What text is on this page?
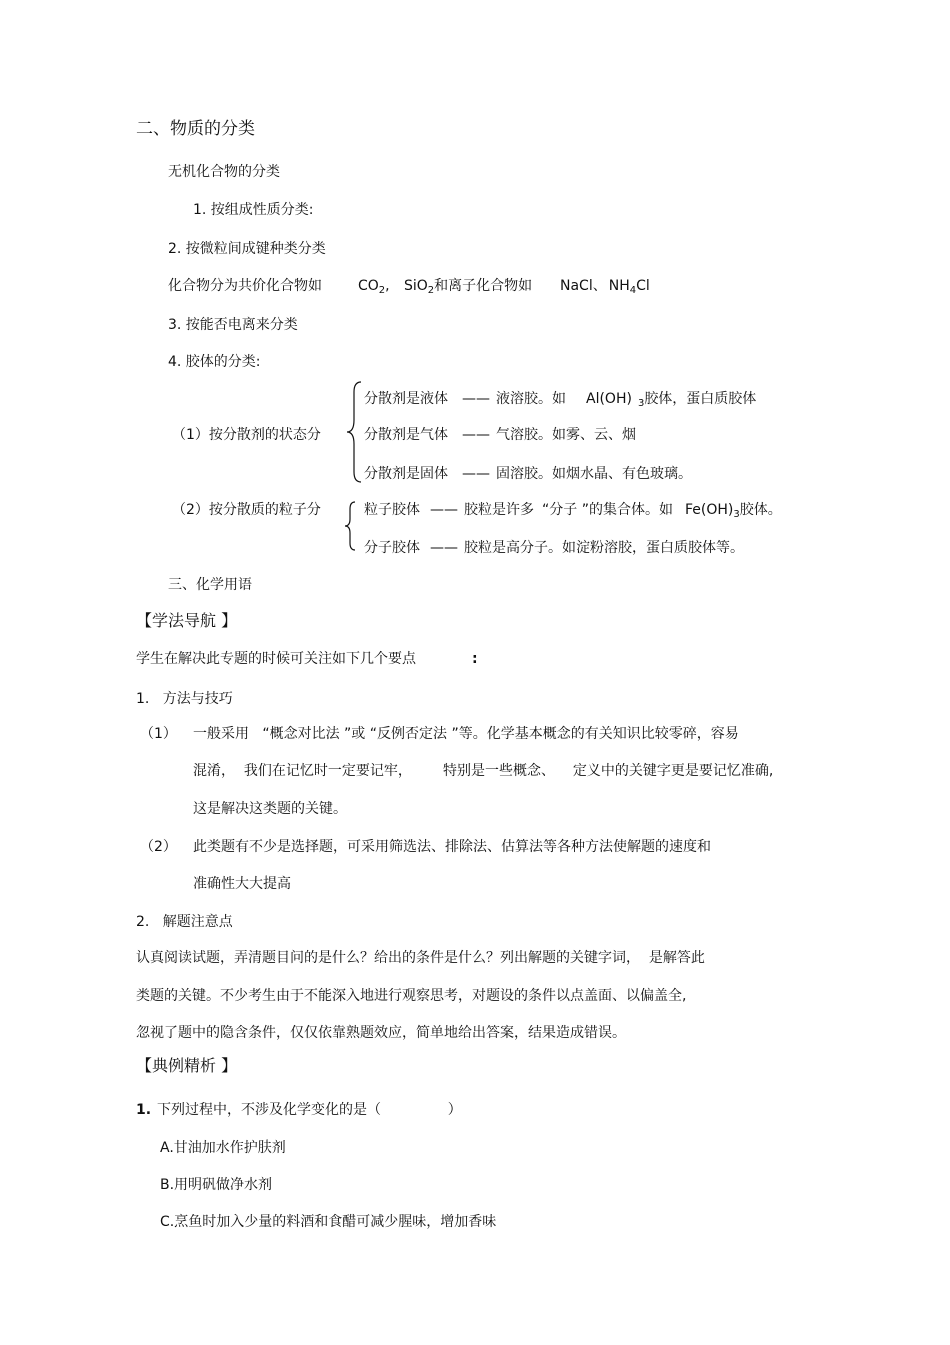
二、物质的分类
无机化合物的分类
1. 按组成性质分类:
2. 按微粒间成键种类分类
化合物分为共价化合物如	$CO_2$, SiO$_2$和离子化合物如 NaCl、 $NH_4Cl$
3. 按能否电离来分类
4. 胶体的分类:
（1）按分散剂的状态分
分散剂是液体 —— 液溶胶。如 Al(OH) $_3$胶体，蛋白质胶体
分散剂是气体 —— 气溶胶。如雾、云、烟
分散剂是固体 —— 固溶胶。如烟水晶、有色玻璃。
（2）按分散质的粒子分	粒子胶体 —— 胶粒是许多 “分子 ”的集合体。如 $Fe(OH)_3$胶体。
分子胶体 —— 胶粒是高分子。如淀粉溶胶，蛋白质胶体等。
三、化学用语
【学法导航 】
学生在解决此专题的时候可关注如下几个要点	:
1.   方法与技巧
（1） 一般采用   “概念对比法 ”或 “反例否定法 ”等。化学基本概念的有关知识比较零碎，容易
混淆，  我们在记忆时一定要记牢，       特别是一些概念、    定义中的关键字更是要记忆准确,
这是解决这类题的关键。
（2） 此类题有不少是选择题，可采用筛选法、排除法、估算法等各种方法使解题的速度和
准确性大大提高
2.   解题注意点
认真阅读试题，弄清题目问的是什么？给出的条件是什么？列出解题的关键字词，  是解答此
类题的关键。不少考生由于不能深入地进行观察思考，对题设的条件以点盖面、以偏盖全,
忽视了题中的隐含条件，仅仅依靠熟题效应，简单地给出答案，结果造成错误。
【典例精析 】
1. 下列过程中，不涉及化学变化的是（               ）
A.甘油加水作护肤剂
B.用明矾做净水剂
C.烹鱼时加入少量的料酒和食醋可减少腥味，增加香味
